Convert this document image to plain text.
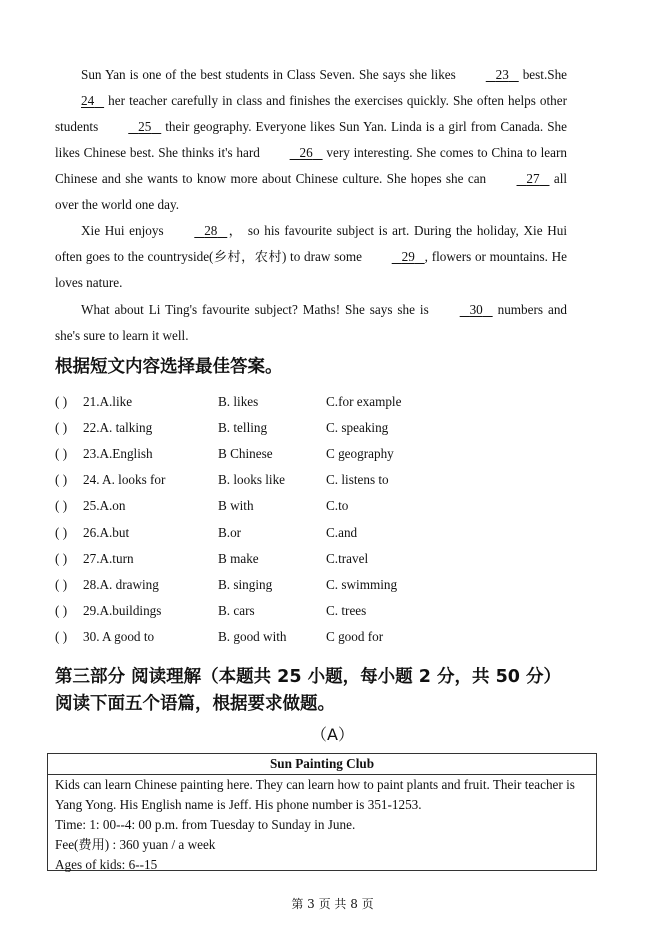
Sun Yan is one of the best students in Class Seven. She says she likes	23 best.She 24 her teacher carefully in class and finishes the exercises quickly. She often helps other students	25 their geography. Everyone likes Sun Yan. Linda is a girl from Canada. She likes Chinese best. She thinks it's hard	26 very interesting. She comes to China to learn Chinese and she wants to know more about Chinese culture. She hopes she can	27 all over the world one day.

Xie Hui enjoys	28 ， so his favourite subject is art. During the holiday, Xie Hui often goes to the countryside(乡村，农村) to draw some	29 , flowers or mountains. He loves nature.

What about Li Ting's favourite subject? Maths! She says she is	30 numbers and she's sure to learn it well.

根据短文内容选择最佳答案。

( ) 21.A.like	B. likes	C.for example
( ) 22.A. talking	B. telling	C. speaking
( ) 23.A.English	B Chinese	C geography
( ) 24. A. looks for	B. looks like	C. listens to
( ) 25.A.on	B with	C.to
( ) 26.A.but	B.or	C.and
( ) 27.A.turn	B make	C.travel
( ) 28.A. drawing	B. singing	C. swimming
( ) 29.A.buildings	B. cars	C. trees
( ) 30. A good to	B. good with	C good for

第三部分 阅读理解（本题共 25 小题，每小题 2 分，共 50 分）

阅读下面五个语篇，根据要求做题。

（A）
Sun Painting Club
Kids can learn Chinese painting here. They can learn how to paint plants and fruit. Their teacher is
Yang Yong. His English name is Jeff. His phone number is 351-1253.
Time: 1: 00--4: 00 p.m. from Tuesday to Sunday in June.
Fee(费用) : 360 yuan / a week
Ages of kids: 6--15
第 3 页 共 8 页
